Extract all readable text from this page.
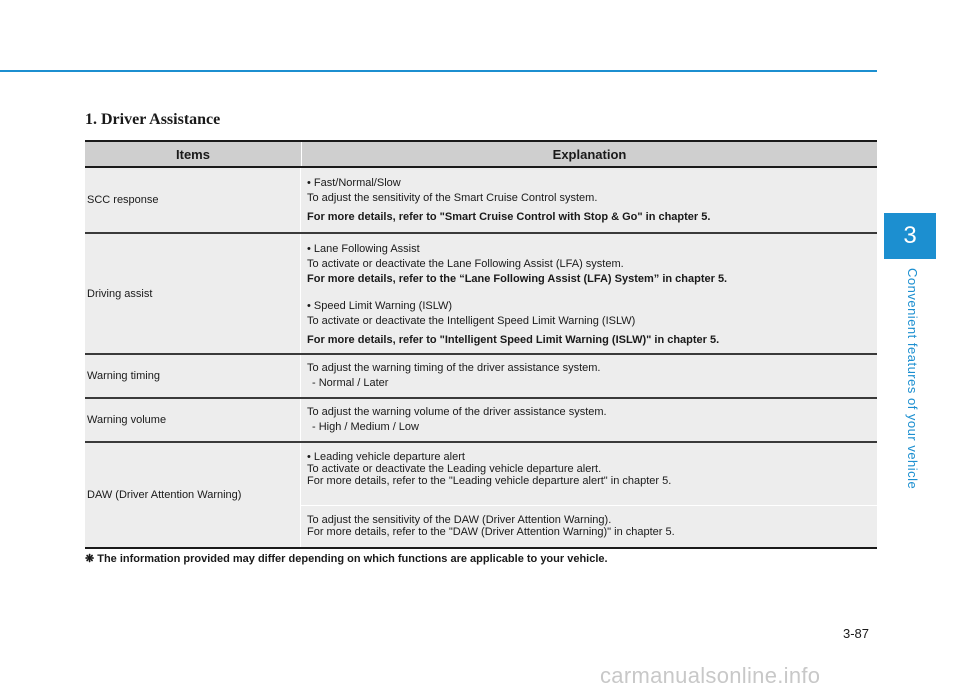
1. Driver Assistance
Items	Explanation
SCC response
• Fast/Normal/Slow
To adjust the sensitivity of the Smart Cruise Control system.
For more details, refer to "Smart Cruise Control with Stop & Go" in chapter 5.
Driving assist
• Lane Following Assist
To activate or deactivate the Lane Following Assist (LFA) system.
For more details, refer to the “Lane Following Assist (LFA) System” in chapter 5.
• Speed Limit Warning (ISLW)
To activate or deactivate the Intelligent Speed Limit Warning (ISLW)
For more details, refer to "Intelligent Speed Limit Warning (ISLW)" in chapter 5.
Warning timing
To adjust the warning timing of the driver assistance system.
- Normal / Later
Warning volume
To adjust the warning volume of the driver assistance system.
- High / Medium / Low
DAW (Driver Attention Warning)
• Leading vehicle departure alert
To activate or deactivate the Leading vehicle departure alert.
For more details, refer to the "Leading vehicle departure alert" in chapter 5.
To adjust the sensitivity of the DAW (Driver Attention Warning).
For more details, refer to the "DAW (Driver Attention Warning)" in chapter 5.
❋ The information provided may differ depending on which functions are applicable to your vehicle.
3
Convenient features of your vehicle
3-87
carmanualsonline.info
